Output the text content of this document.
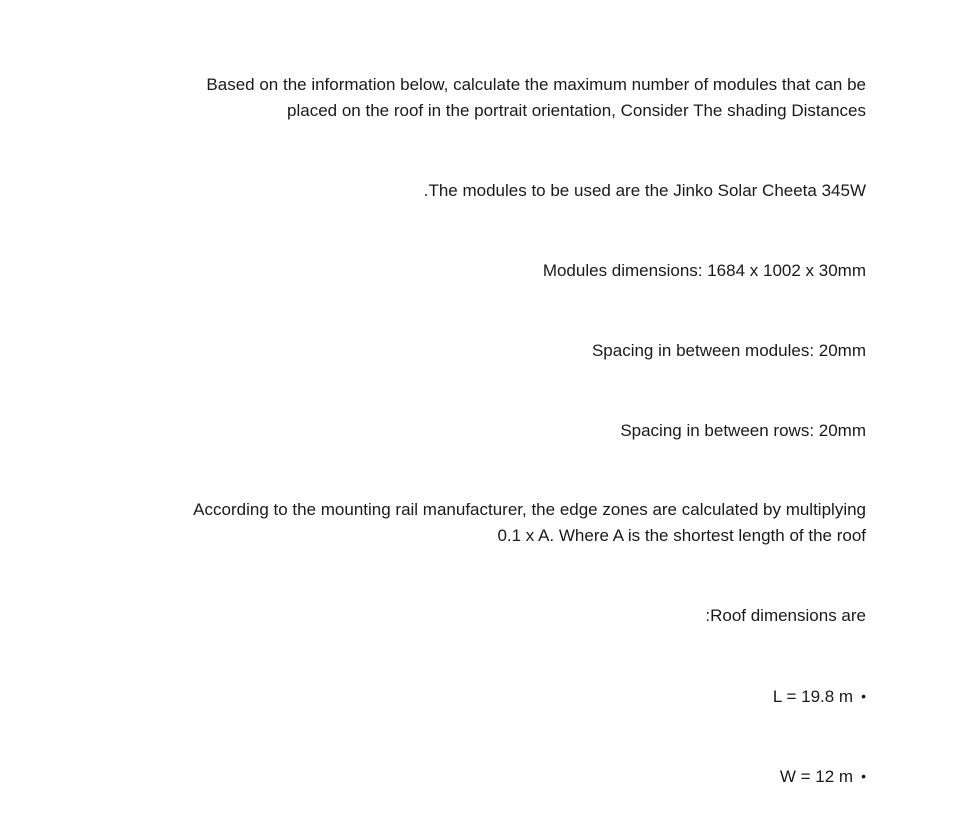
Based on the information below, calculate the maximum number of modules that can be
placed on the roof in the portrait orientation, Consider The shading Distances
.The modules to be used are the Jinko Solar Cheeta 345W
Modules dimensions: 1684 x 1002 x 30mm
Spacing in between modules: 20mm
Spacing in between rows: 20mm
According to the mounting rail manufacturer, the edge zones are calculated by multiplying
0.1 x A. Where A is the shortest length of the roof
:Roof dimensions are
L = 19.8 m •
W = 12 m •
